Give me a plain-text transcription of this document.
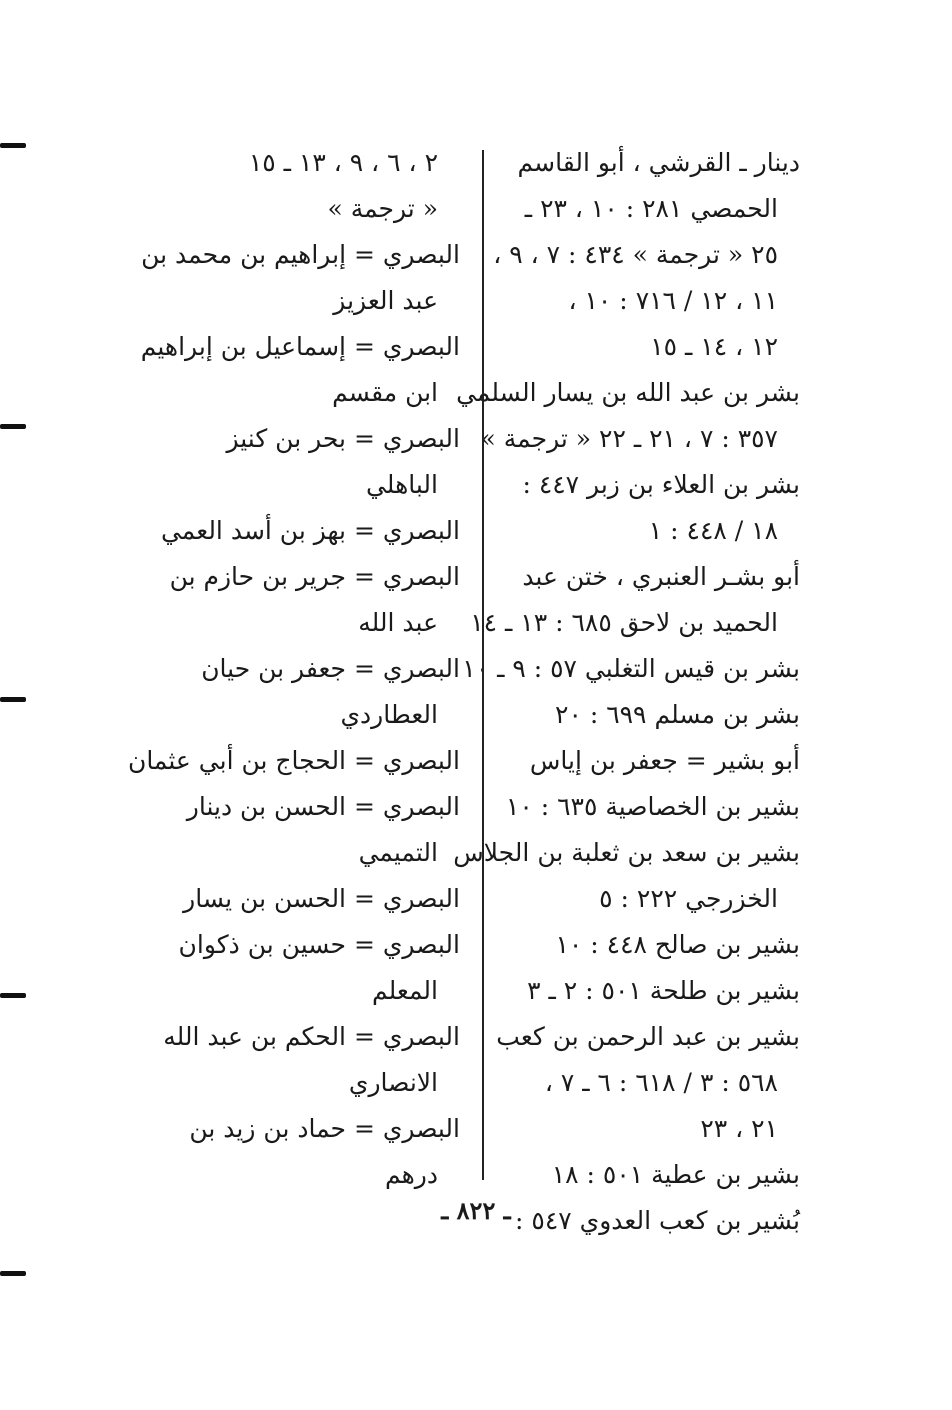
دينار ـ القرشي ، أبو القاسم
الحمصي ٢٨١ : ١٠ ، ٢٣ ـ
٢٥ « ترجمة » ٤٣٤ : ٧ ، ٩ ،
١١ ، ١٢ / ٧١٦ : ١٠ ،
١٢ ، ١٤ ـ ١٥
بشر بن عبد الله بن يسار السلمي
٣٥٧ : ٧ ، ٢١ ـ ٢٢ « ترجمة »
بشر بن العلاء بن زبر ٤٤٧ :
١٨ / ٤٤٨ : ١
أبو بشـر العنبري ، ختن عبد
الحميد بن لاحق ٦٨٥ : ١٣ ـ ١٤
بشر بن قيس التغلبي ٥٧ : ٩ ـ ١٠
بشر بن مسلم ٦٩٩ : ٢٠
أبو بشير = جعفر بن إياس
بشير بن الخصاصية ٦٣٥ : ١٠
بشير بن سعد بن ثعلبة بن الجلاس
الخزرجي ٢٢٢ : ٥
بشير بن صالح ٤٤٨ : ١٠
بشير بن طلحة ٥٠١ : ٢ ـ ٣
بشير بن عبد الرحمن بن كعب
٥٦٨ : ٣ / ٦١٨ : ٦ ـ ٧ ،
٢١ ، ٢٣
بشير بن عطية ٥٠١ : ١٨
بُشير بن كعب العدوي ٥٤٧ :
٢ ، ٦ ، ٩ ، ١٣ ـ ١٥
« ترجمة »
البصري = إبراهيم بن محمد بن
عبد العزيز
البصري = إسماعيل بن إبراهيم
ابن مقسم
البصري = بحر بن كنيز
الباهلي
البصري = بهز بن أسد العمي
البصري = جرير بن حازم بن
عبد الله
البصري = جعفر بن حيان
العطاردي
البصري = الحجاج بن أبي عثمان
البصري = الحسن بن دينار
التميمي
البصري = الحسن بن يسار
البصري = حسين بن ذكوان
المعلم
البصري = الحكم بن عبد الله
الانصاري
البصري = حماد بن زيد بن
درهم
ـ ٨٢٢ ـ
